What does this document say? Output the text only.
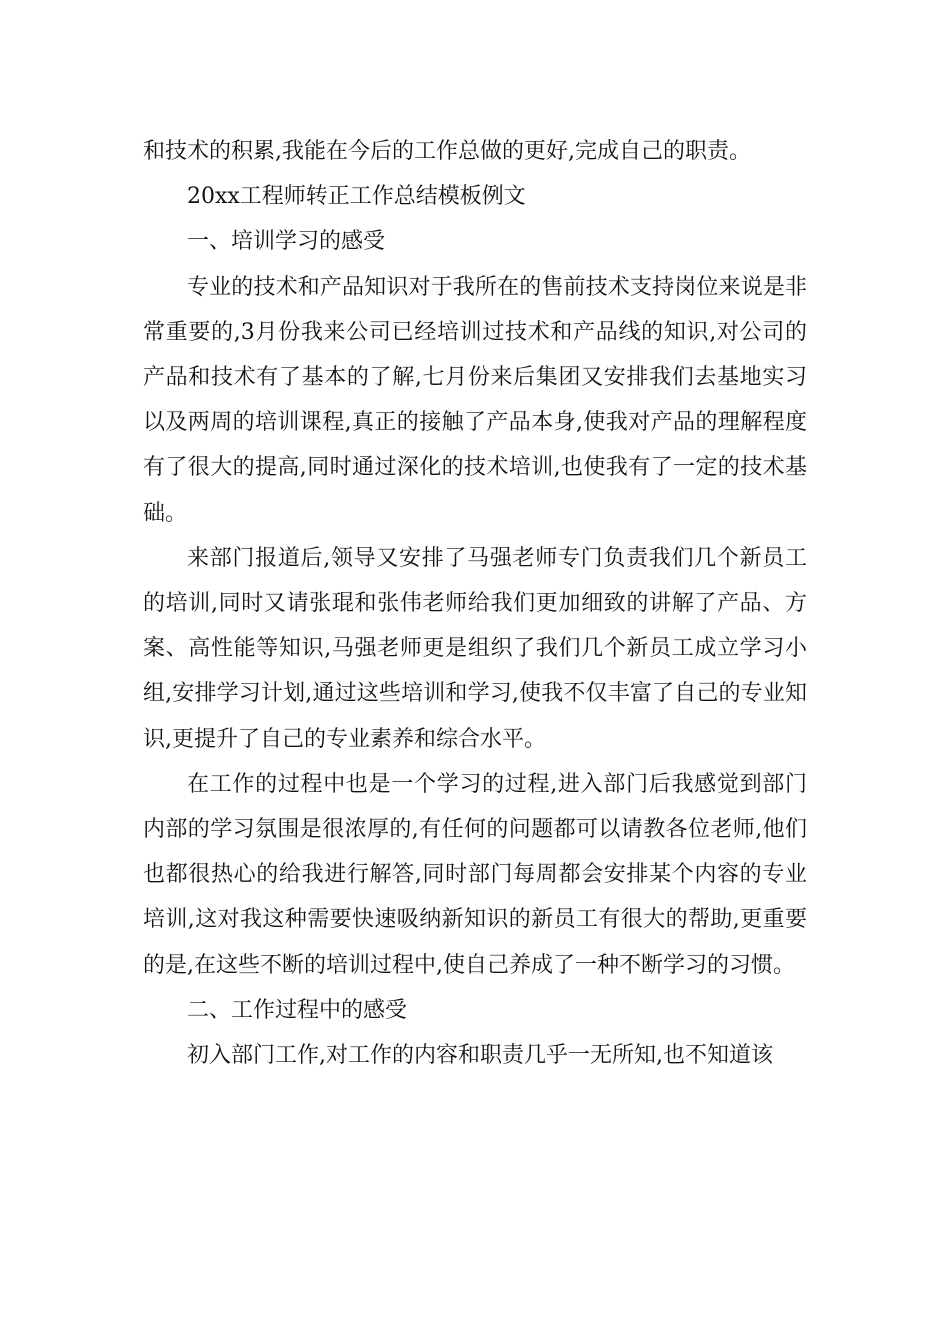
和技术的积累,我能在今后的工作总做的更好,完成自己的职责。

20xx工程师转正工作总结模板例文

一、培训学习的感受

专业的技术和产品知识对于我所在的售前技术支持岗位来说是非常重要的,3月份我来公司已经培训过技术和产品线的知识,对公司的产品和技术有了基本的了解,七月份来后集团又安排我们去基地实习以及两周的培训课程,真正的接触了产品本身,使我对产品的理解程度有了很大的提高,同时通过深化的技术培训,也使我有了一定的技术基础。

来部门报道后,领导又安排了马强老师专门负责我们几个新员工的培训,同时又请张琨和张伟老师给我们更加细致的讲解了产品、方案、高性能等知识,马强老师更是组织了我们几个新员工成立学习小组,安排学习计划,通过这些培训和学习,使我不仅丰富了自己的专业知识,更提升了自己的专业素养和综合水平。

在工作的过程中也是一个学习的过程,进入部门后我感觉到部门内部的学习氛围是很浓厚的,有任何的问题都可以请教各位老师,他们也都很热心的给我进行解答,同时部门每周都会安排某个内容的专业培训,这对我这种需要快速吸纳新知识的新员工有很大的帮助,更重要的是,在这些不断的培训过程中,使自己养成了一种不断学习的习惯。

二、工作过程中的感受

初入部门工作,对工作的内容和职责几乎一无所知,也不知道该
